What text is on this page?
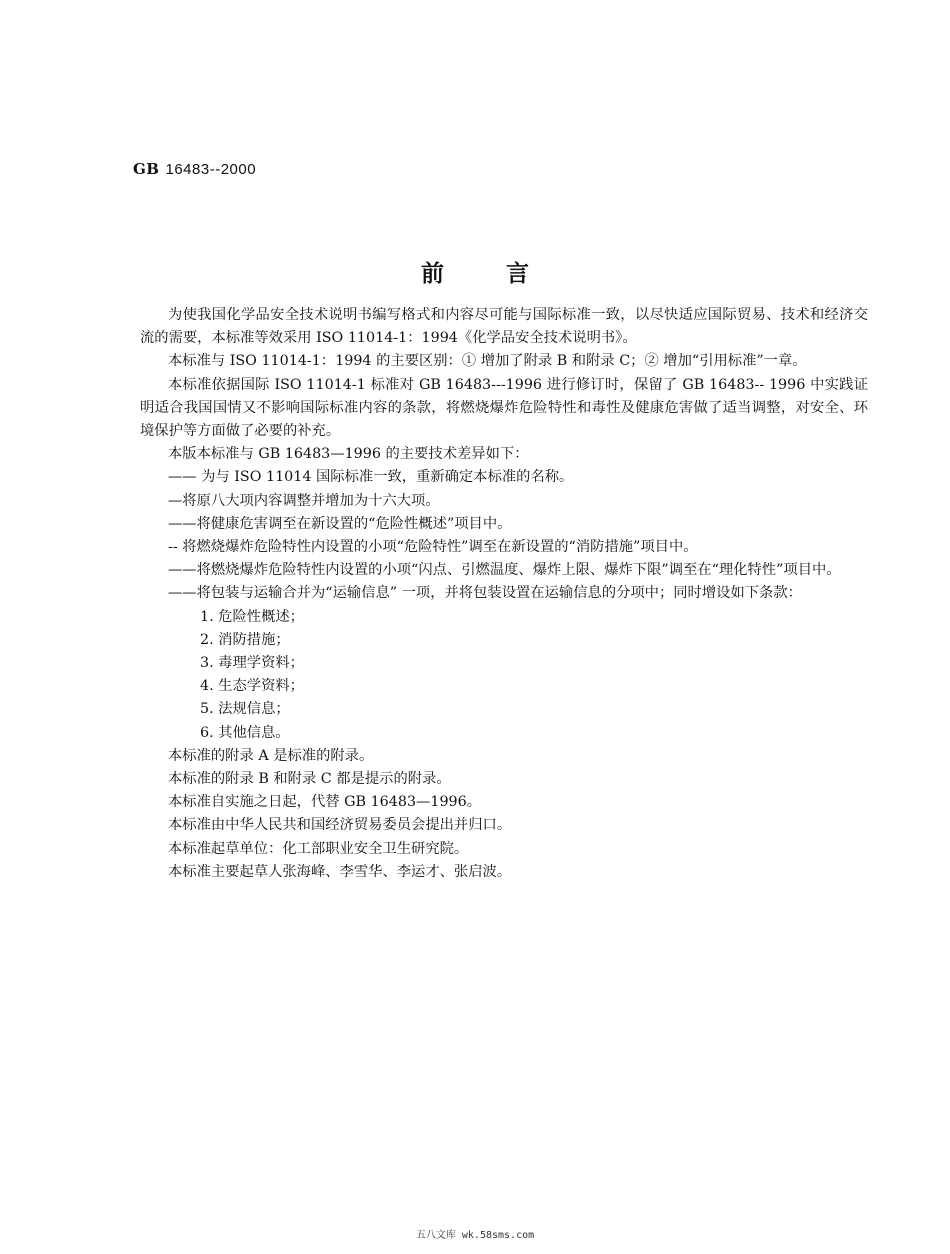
GB 16483--2000
前言

为使我国化学品安全技术说明书编写格式和内容尽可能与国际标准一致，以尽快适应国际贸易、技术和经济交流的需要，本标准等效采用 ISO 11014-1：1994《化学品安全技术说明书》。

本标准与 ISO 11014-1：1994 的主要区别：① 增加了附录 B 和附录 C；② 增加“引用标准”一章。

本标准依据国际 ISO 11014-1 标准对 GB 16483---1996 进行修订时，保留了 GB 16483-- 1996 中实践证明适合我国国情又不影响国际标准内容的条款，将燃烧爆炸危险特性和毒性及健康危害做了适当调整，对安全、环境保护等方面做了必要的补充。

本版本标准与 GB 16483—1996 的主要技术差异如下：

—— 为与 ISO 11014 国际标准一致，重新确定本标准的名称。

—将原八大项内容调整并增加为十六大项。

——将健康危害调至在新设置的“危险性概述”项目中。

-- 将燃烧爆炸危险特性内设置的小项“危险特性”调至在新设置的“消防措施”项目中。

——将燃烧爆炸危险特性内设置的小项“闪点、引燃温度、爆炸上限、爆炸下限”调至在“理化特性”项目中。

——将包装与运输合并为“运输信息” 一项，并将包装设置在运输信息的分项中；同时增设如下条款：

1. 危险性概述；

2. 消防措施；

3. 毒理学资料；

4. 生态学资料；

5. 法规信息；

6. 其他信息。

本标准的附录 A 是标准的附录。

本标准的附录 B 和附录 C 都是提示的附录。

本标准自实施之日起，代替 GB 16483—1996。

本标准由中华人民共和国经济贸易委员会提出并归口。

本标准起草单位：化工部职业安全卫生研究院。

本标准主要起草人张海峰、李雪华、李运才、张启波。

五八文库 wk.58sms.com
